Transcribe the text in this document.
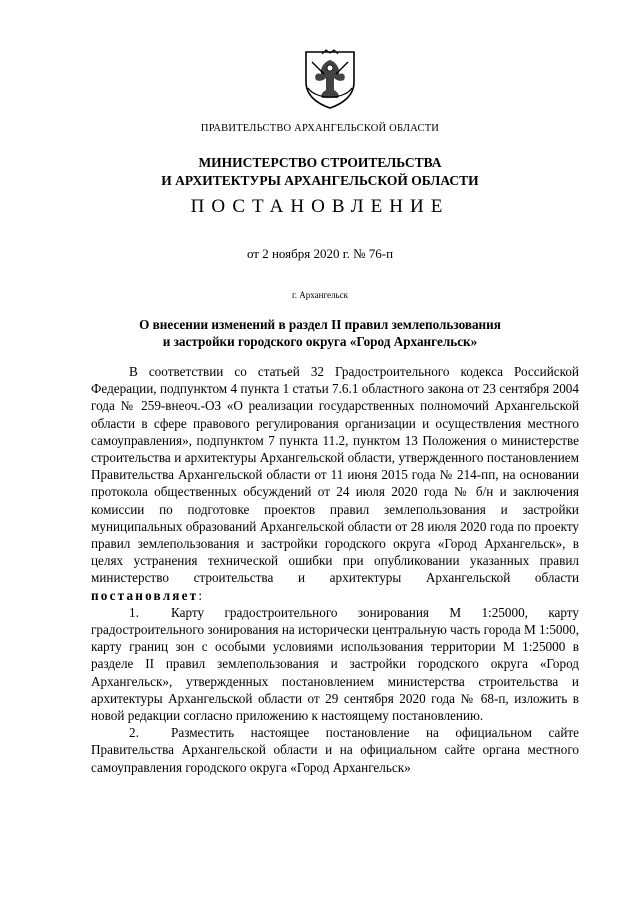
ПРАВИТЕЛЬСТВО АРХАНГЕЛЬСКОЙ ОБЛАСТИ
МИНИСТЕРСТВО СТРОИТЕЛЬСТВА
И АРХИТЕКТУРЫ АРХАНГЕЛЬСКОЙ ОБЛАСТИ
ПОСТАНОВЛЕНИЕ
от 2 ноября 2020 г. № 76-п
г. Архангельск
О внесении изменений в раздел II правил землепользования
и застройки городского округа «Город Архангельск»

В соответствии со статьей 32 Градостроительного кодекса Российской Федерации, подпунктом 4 пункта 1 статьи 7.6.1 областного закона от 23 сентября 2004 года № 259-внеоч.-ОЗ «О реализации государственных полномочий Архангельской области в сфере правового регулирования организации и осуществления местного самоуправления», подпунктом 7 пункта 11.2, пунктом 13 Положения о министерстве строительства и архитектуры Архангельской области, утвержденного постановлением Правительства Архангельской области от 11 июня 2015 года № 214-пп, на основании протокола общественных обсуждений от 24 июля 2020 года № б/н и заключения комиссии по подготовке проектов правил землепользования и застройки муниципальных образований Архангельской области от 28 июля 2020 года по проекту правил землепользования и застройки городского округа «Город Архангельск», в целях устранения технической ошибки при опубликовании указанных правил министерство строительства и архитектуры Архангельской области постановляет:

1. Карту градостроительного зонирования М 1:25000, карту градостроительного зонирования на исторически центральную часть города М 1:5000, карту границ зон с особыми условиями использования территории М 1:25000 в разделе II правил землепользования и застройки городского округа «Город Архангельск», утвержденных постановлением министерства строительства и архитектуры Архангельской области от 29 сентября 2020 года № 68-п, изложить в новой редакции согласно приложению к настоящему постановлению.

2. Разместить настоящее постановление на официальном сайте Правительства Архангельской области и на официальном сайте органа местного самоуправления городского округа «Город Архангельск»
